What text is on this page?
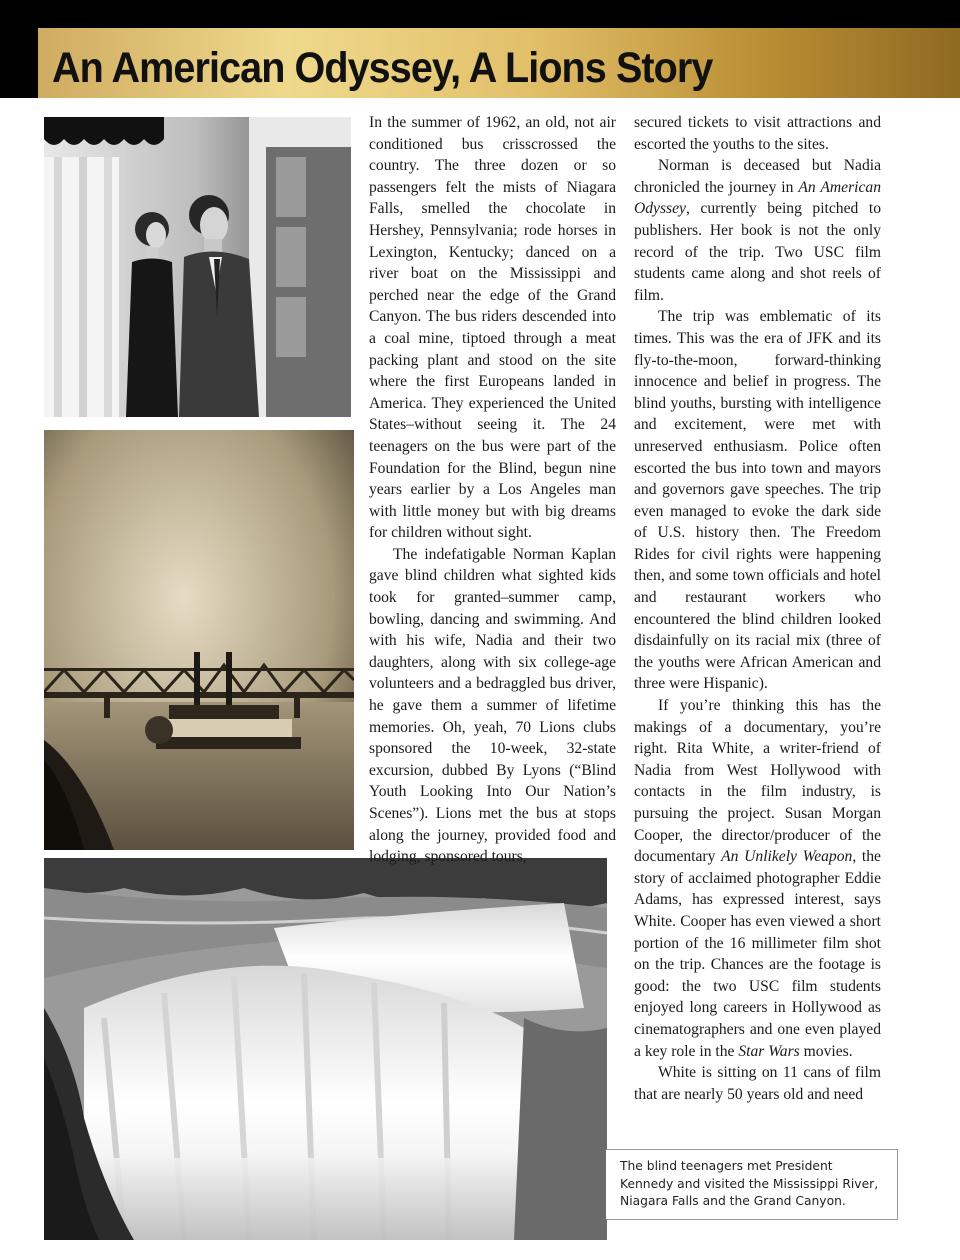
An American Odyssey, A Lions Story

In the summer of 1962, an old, not air conditioned bus crisscrossed the country. The three dozen or so passengers felt the mists of Niagara Falls, smelled the chocolate in Hershey, Pennsylvania; rode horses in Lexington, Kentucky; danced on a river boat on the Mississippi and perched near the edge of the Grand Canyon. The bus riders descended into a coal mine, tiptoed through a meat packing plant and stood on the site where the first Europeans landed in America. They experienced the United States–without seeing it. The 24 teenagers on the bus were part of the Foundation for the Blind, begun nine years earlier by a Los Angeles man with little money but with big dreams for children without sight.

The indefatigable Norman Kaplan gave blind children what sighted kids took for granted–summer camp, bowling, dancing and swimming. And with his wife, Nadia and their two daughters, along with six college-age volunteers and a bedraggled bus driver, he gave them a summer of lifetime memories. Oh, yeah, 70 Lions clubs sponsored the 10-week, 32-state excursion, dubbed By Lyons (“Blind Youth Looking Into Our Nation’s Scenes”). Lions met the bus at stops along the journey, provided food and lodging, sponsored tours,

secured tickets to visit attractions and escorted the youths to the sites.

Norman is deceased but Nadia chronicled the journey in An American Odyssey, currently being pitched to publishers. Her book is not the only record of the trip. Two USC film students came along and shot reels of film.

The trip was emblematic of its times. This was the era of JFK and its fly-to-the-moon, forward-thinking innocence and belief in progress. The blind youths, bursting with intelligence and excitement, were met with unreserved enthusiasm. Police often escorted the bus into town and mayors and governors gave speeches. The trip even managed to evoke the dark side of U.S. history then. The Freedom Rides for civil rights were happening then, and some town officials and hotel and restaurant workers who encountered the blind children looked disdainfully on its racial mix (three of the youths were African American and three were Hispanic).

If you’re thinking this has the makings of a documentary, you’re right. Rita White, a writer-friend of Nadia from West Hollywood with contacts in the film industry, is pursuing the project. Susan Morgan Cooper, the director/producer of the documentary An Unlikely Weapon, the story of acclaimed photographer Eddie Adams, has expressed interest, says White. Cooper has even viewed a short portion of the 16 millimeter film shot on the trip. Chances are the footage is good: the two USC film students enjoyed long careers in Hollywood as cinematographers and one even played a key role in the Star Wars movies.

White is sitting on 11 cans of film that are nearly 50 years old and need

The blind teenagers met President Kennedy and visited the Mississippi River, Niagara Falls and the Grand Canyon.
